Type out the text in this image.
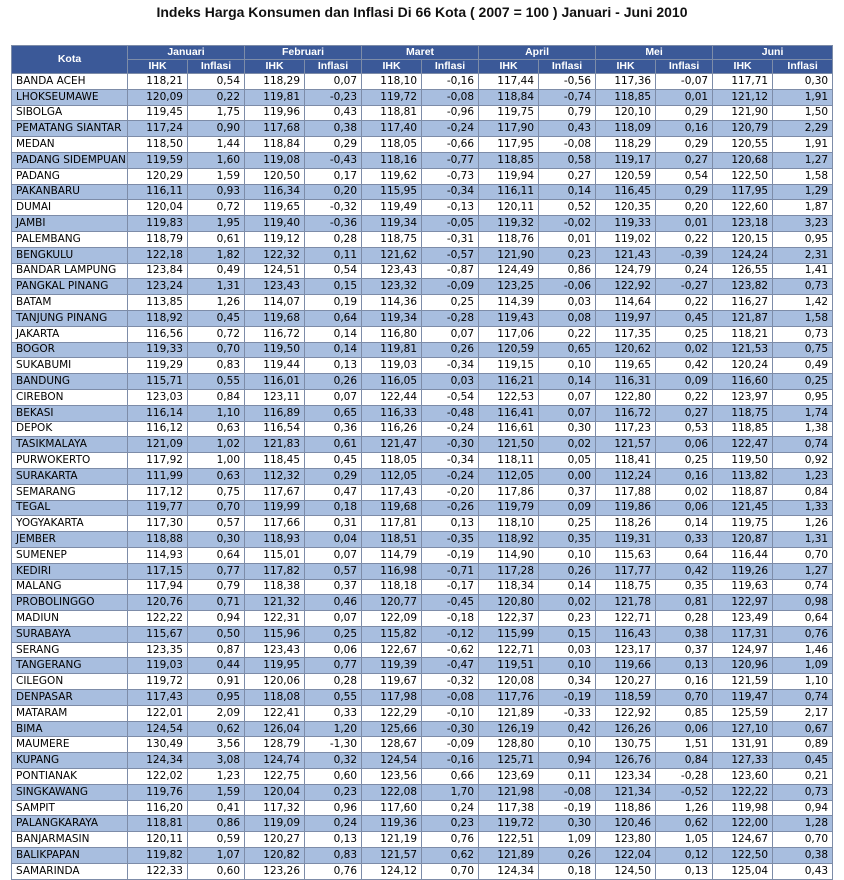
Indeks Harga Konsumen dan Inflasi Di 66 Kota ( 2007 = 100 ) Januari - Juni 2010
Kota	Januari		Februari		Maret		April		Mei		Juni	
	IHK	Inflasi	IHK	Inflasi	IHK	Inflasi	IHK	Inflasi	IHK	Inflasi	IHK	Inflasi
BANDA ACEH	118,21	0,54	118,29	0,07	118,10	-0,16	117,44	-0,56	117,36	-0,07	117,71	0,30
LHOKSEUMAWE	120,09	0,22	119,81	-0,23	119,72	-0,08	118,84	-0,74	118,85	0,01	121,12	1,91
SIBOLGA	119,45	1,75	119,96	0,43	118,81	-0,96	119,75	0,79	120,10	0,29	121,90	1,50
PEMATANG SIANTAR	117,24	0,90	117,68	0,38	117,40	-0,24	117,90	0,43	118,09	0,16	120,79	2,29
MEDAN	118,50	1,44	118,84	0,29	118,05	-0,66	117,95	-0,08	118,29	0,29	120,55	1,91
PADANG SIDEMPUAN	119,59	1,60	119,08	-0,43	118,16	-0,77	118,85	0,58	119,17	0,27	120,68	1,27
PADANG	120,29	1,59	120,50	0,17	119,62	-0,73	119,94	0,27	120,59	0,54	122,50	1,58
PAKANBARU	116,11	0,93	116,34	0,20	115,95	-0,34	116,11	0,14	116,45	0,29	117,95	1,29
DUMAI	120,04	0,72	119,65	-0,32	119,49	-0,13	120,11	0,52	120,35	0,20	122,60	1,87
JAMBI	119,83	1,95	119,40	-0,36	119,34	-0,05	119,32	-0,02	119,33	0,01	123,18	3,23
PALEMBANG	118,79	0,61	119,12	0,28	118,75	-0,31	118,76	0,01	119,02	0,22	120,15	0,95
BENGKULU	122,18	1,82	122,32	0,11	121,62	-0,57	121,90	0,23	121,43	-0,39	124,24	2,31
BANDAR LAMPUNG	123,84	0,49	124,51	0,54	123,43	-0,87	124,49	0,86	124,79	0,24	126,55	1,41
PANGKAL PINANG	123,24	1,31	123,43	0,15	123,32	-0,09	123,25	-0,06	122,92	-0,27	123,82	0,73
BATAM	113,85	1,26	114,07	0,19	114,36	0,25	114,39	0,03	114,64	0,22	116,27	1,42
TANJUNG PINANG	118,92	0,45	119,68	0,64	119,34	-0,28	119,43	0,08	119,97	0,45	121,87	1,58
JAKARTA	116,56	0,72	116,72	0,14	116,80	0,07	117,06	0,22	117,35	0,25	118,21	0,73
BOGOR	119,33	0,70	119,50	0,14	119,81	0,26	120,59	0,65	120,62	0,02	121,53	0,75
SUKABUMI	119,29	0,83	119,44	0,13	119,03	-0,34	119,15	0,10	119,65	0,42	120,24	0,49
BANDUNG	115,71	0,55	116,01	0,26	116,05	0,03	116,21	0,14	116,31	0,09	116,60	0,25
CIREBON	123,03	0,84	123,11	0,07	122,44	-0,54	122,53	0,07	122,80	0,22	123,97	0,95
BEKASI	116,14	1,10	116,89	0,65	116,33	-0,48	116,41	0,07	116,72	0,27	118,75	1,74
DEPOK	116,12	0,63	116,54	0,36	116,26	-0,24	116,61	0,30	117,23	0,53	118,85	1,38
TASIKMALAYA	121,09	1,02	121,83	0,61	121,47	-0,30	121,50	0,02	121,57	0,06	122,47	0,74
PURWOKERTO	117,92	1,00	118,45	0,45	118,05	-0,34	118,11	0,05	118,41	0,25	119,50	0,92
SURAKARTA	111,99	0,63	112,32	0,29	112,05	-0,24	112,05	0,00	112,24	0,16	113,82	1,23
SEMARANG	117,12	0,75	117,67	0,47	117,43	-0,20	117,86	0,37	117,88	0,02	118,87	0,84
TEGAL	119,77	0,70	119,99	0,18	119,68	-0,26	119,79	0,09	119,86	0,06	121,45	1,33
YOGYAKARTA	117,30	0,57	117,66	0,31	117,81	0,13	118,10	0,25	118,26	0,14	119,75	1,26
JEMBER	118,88	0,30	118,93	0,04	118,51	-0,35	118,92	0,35	119,31	0,33	120,87	1,31
SUMENEP	114,93	0,64	115,01	0,07	114,79	-0,19	114,90	0,10	115,63	0,64	116,44	0,70
KEDIRI	117,15	0,77	117,82	0,57	116,98	-0,71	117,28	0,26	117,77	0,42	119,26	1,27
MALANG	117,94	0,79	118,38	0,37	118,18	-0,17	118,34	0,14	118,75	0,35	119,63	0,74
PROBOLINGGO	120,76	0,71	121,32	0,46	120,77	-0,45	120,80	0,02	121,78	0,81	122,97	0,98
MADIUN	122,22	0,94	122,31	0,07	122,09	-0,18	122,37	0,23	122,71	0,28	123,49	0,64
SURABAYA	115,67	0,50	115,96	0,25	115,82	-0,12	115,99	0,15	116,43	0,38	117,31	0,76
SERANG	123,35	0,87	123,43	0,06	122,67	-0,62	122,71	0,03	123,17	0,37	124,97	1,46
TANGERANG	119,03	0,44	119,95	0,77	119,39	-0,47	119,51	0,10	119,66	0,13	120,96	1,09
CILEGON	119,72	0,91	120,06	0,28	119,67	-0,32	120,08	0,34	120,27	0,16	121,59	1,10
DENPASAR	117,43	0,95	118,08	0,55	117,98	-0,08	117,76	-0,19	118,59	0,70	119,47	0,74
MATARAM	122,01	2,09	122,41	0,33	122,29	-0,10	121,89	-0,33	122,92	0,85	125,59	2,17
BIMA	124,54	0,62	126,04	1,20	125,66	-0,30	126,19	0,42	126,26	0,06	127,10	0,67
MAUMERE	130,49	3,56	128,79	-1,30	128,67	-0,09	128,80	0,10	130,75	1,51	131,91	0,89
KUPANG	124,34	3,08	124,74	0,32	124,54	-0,16	125,71	0,94	126,76	0,84	127,33	0,45
PONTIANAK	122,02	1,23	122,75	0,60	123,56	0,66	123,69	0,11	123,34	-0,28	123,60	0,21
SINGKAWANG	119,76	1,59	120,04	0,23	122,08	1,70	121,98	-0,08	121,34	-0,52	122,22	0,73
SAMPIT	116,20	0,41	117,32	0,96	117,60	0,24	117,38	-0,19	118,86	1,26	119,98	0,94
PALANGKARAYA	118,81	0,86	119,09	0,24	119,36	0,23	119,72	0,30	120,46	0,62	122,00	1,28
BANJARMASIN	120,11	0,59	120,27	0,13	121,19	0,76	122,51	1,09	123,80	1,05	124,67	0,70
BALIKPAPAN	119,82	1,07	120,82	0,83	121,57	0,62	121,89	0,26	122,04	0,12	122,50	0,38
SAMARINDA	122,33	0,60	123,26	0,76	124,12	0,70	124,34	0,18	124,50	0,13	125,04	0,43
